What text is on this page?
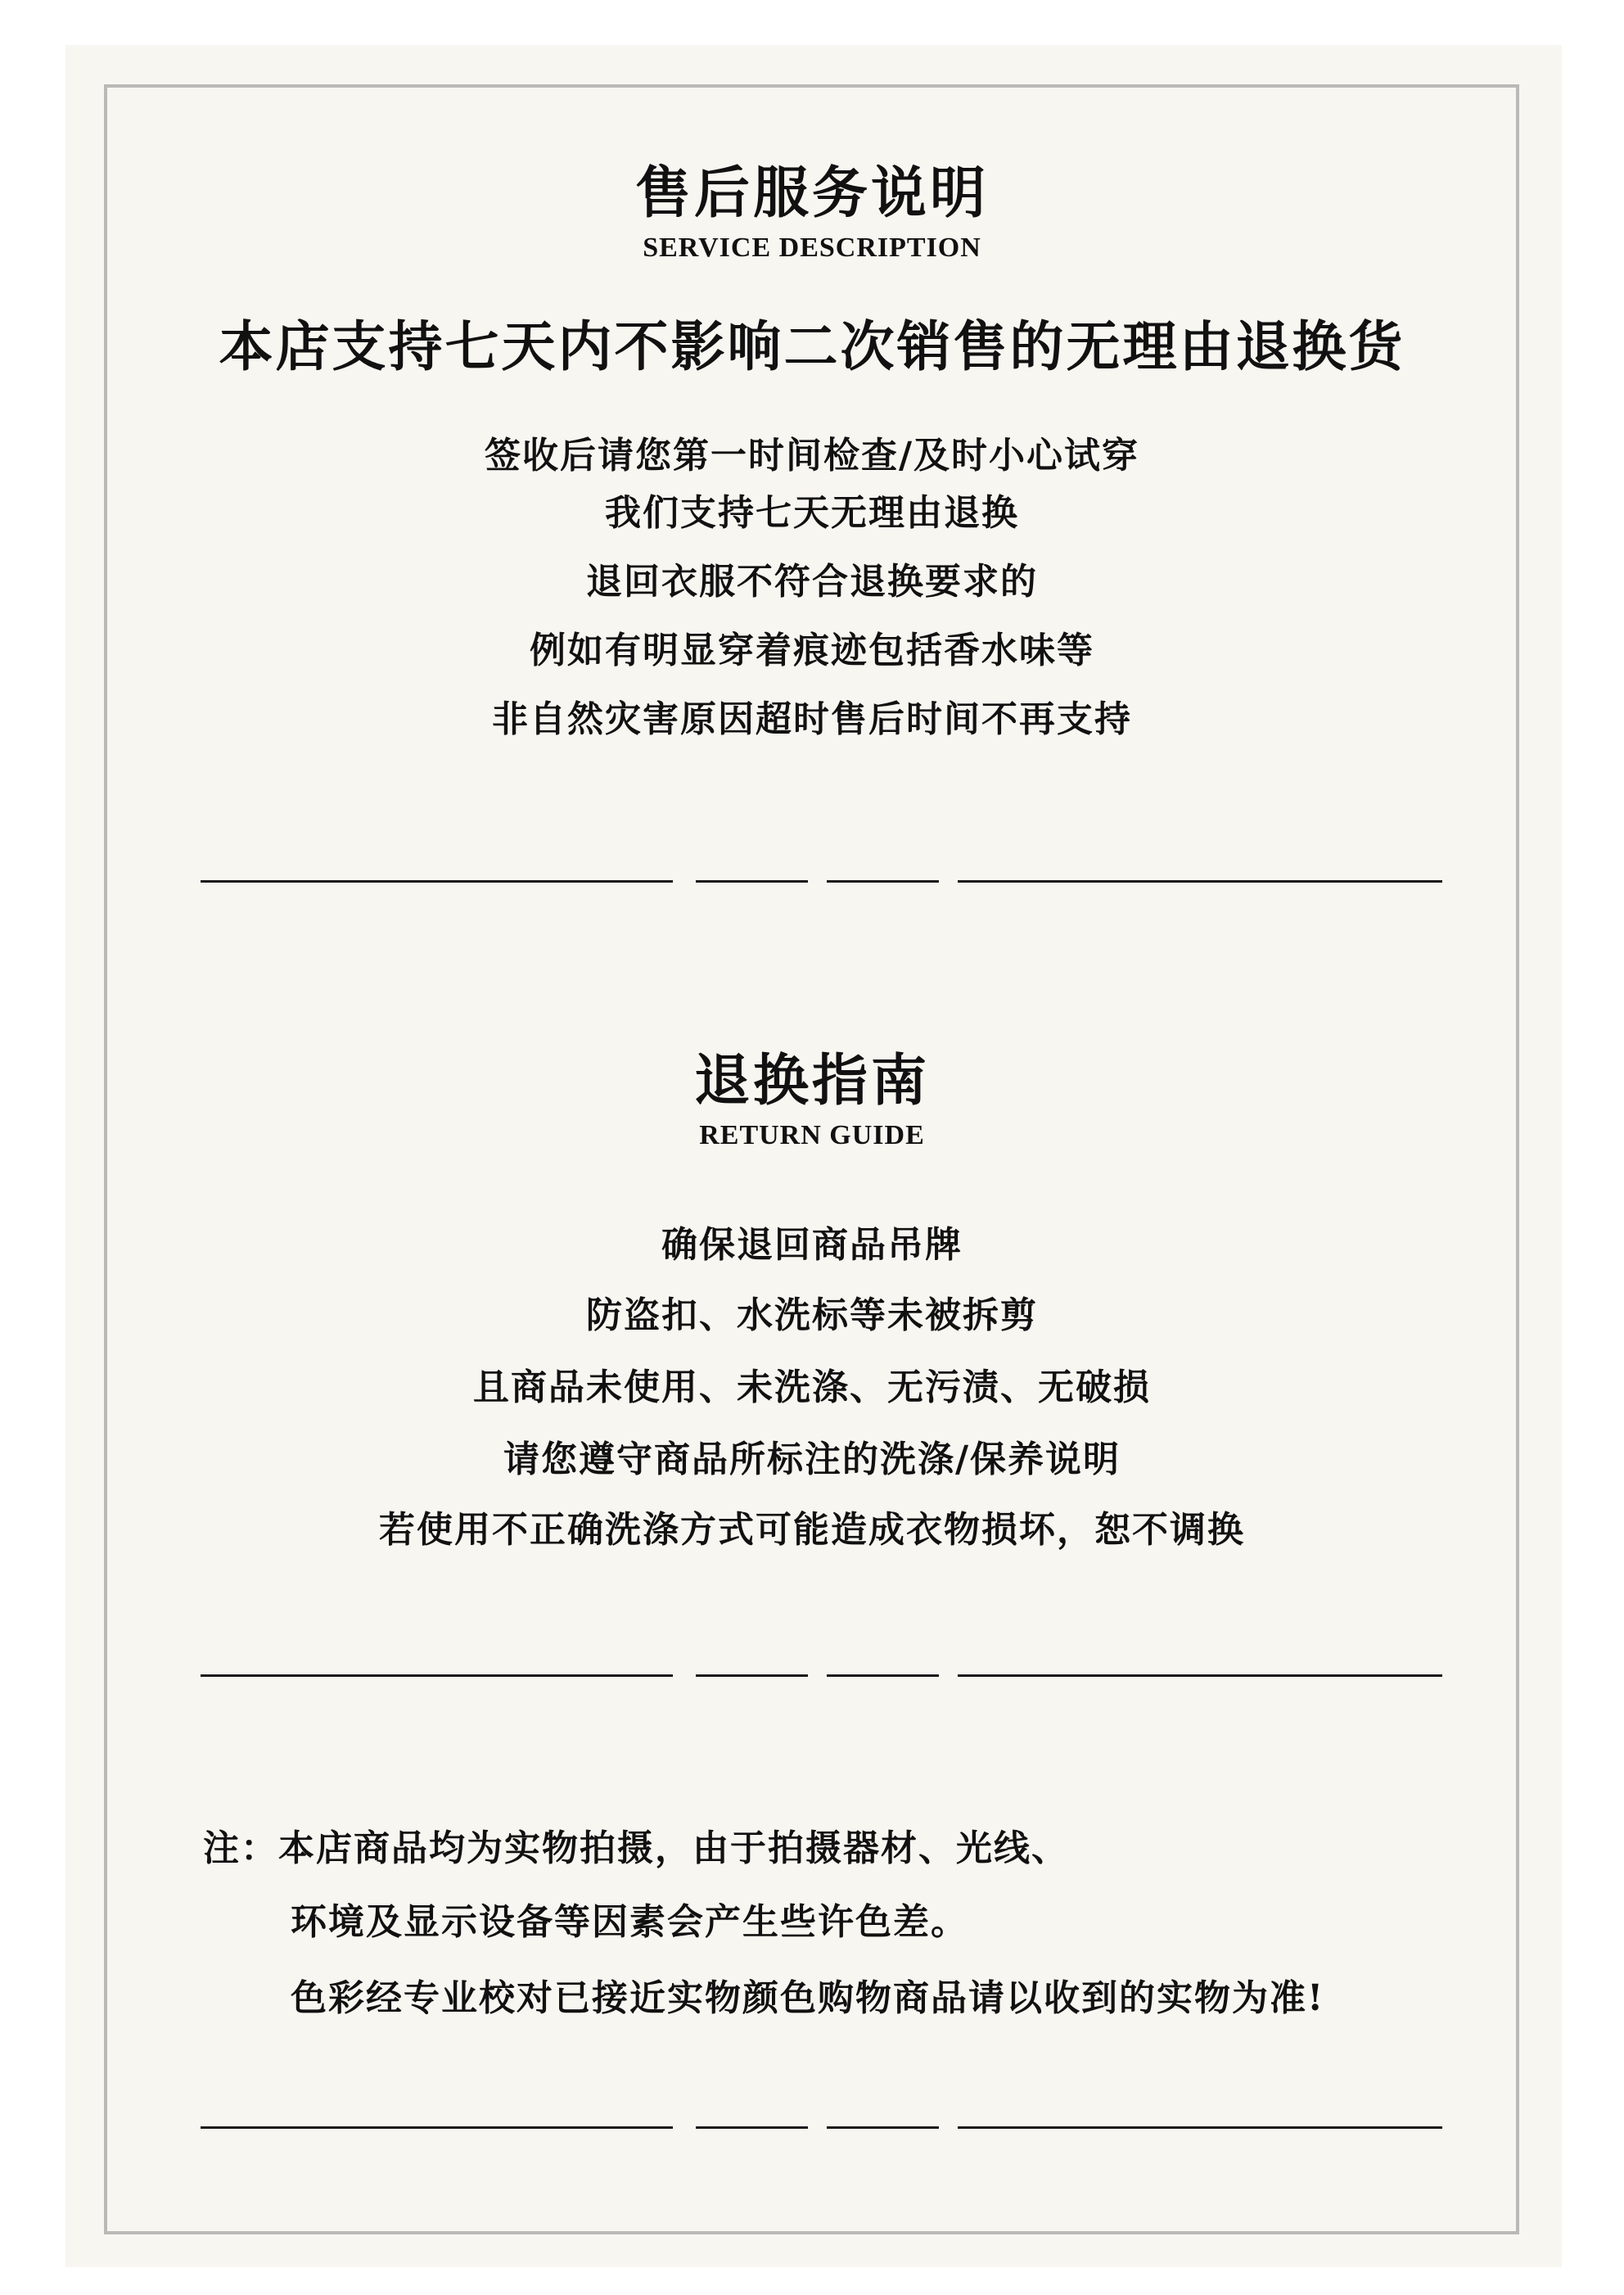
售后服务说明
SERVICE DESCRIPTION
本店支持七天内不影响二次销售的无理由退换货
签收后请您第一时间检查/及时小心试穿
我们支持七天无理由退换
退回衣服不符合退换要求的
例如有明显穿着痕迹包括香水味等
非自然灾害原因超时售后时间不再支持
退换指南
RETURN GUIDE
确保退回商品吊牌
防盗扣、水洗标等未被拆剪
且商品未使用、未洗涤、无污渍、无破损
请您遵守商品所标注的洗涤/保养说明
若使用不正确洗涤方式可能造成衣物损坏，恕不调换
注：本店商品均为实物拍摄，由于拍摄器材、光线、
环境及显示设备等因素会产生些许色差。
色彩经专业校对已接近实物颜色购物商品请以收到的实物为准!
